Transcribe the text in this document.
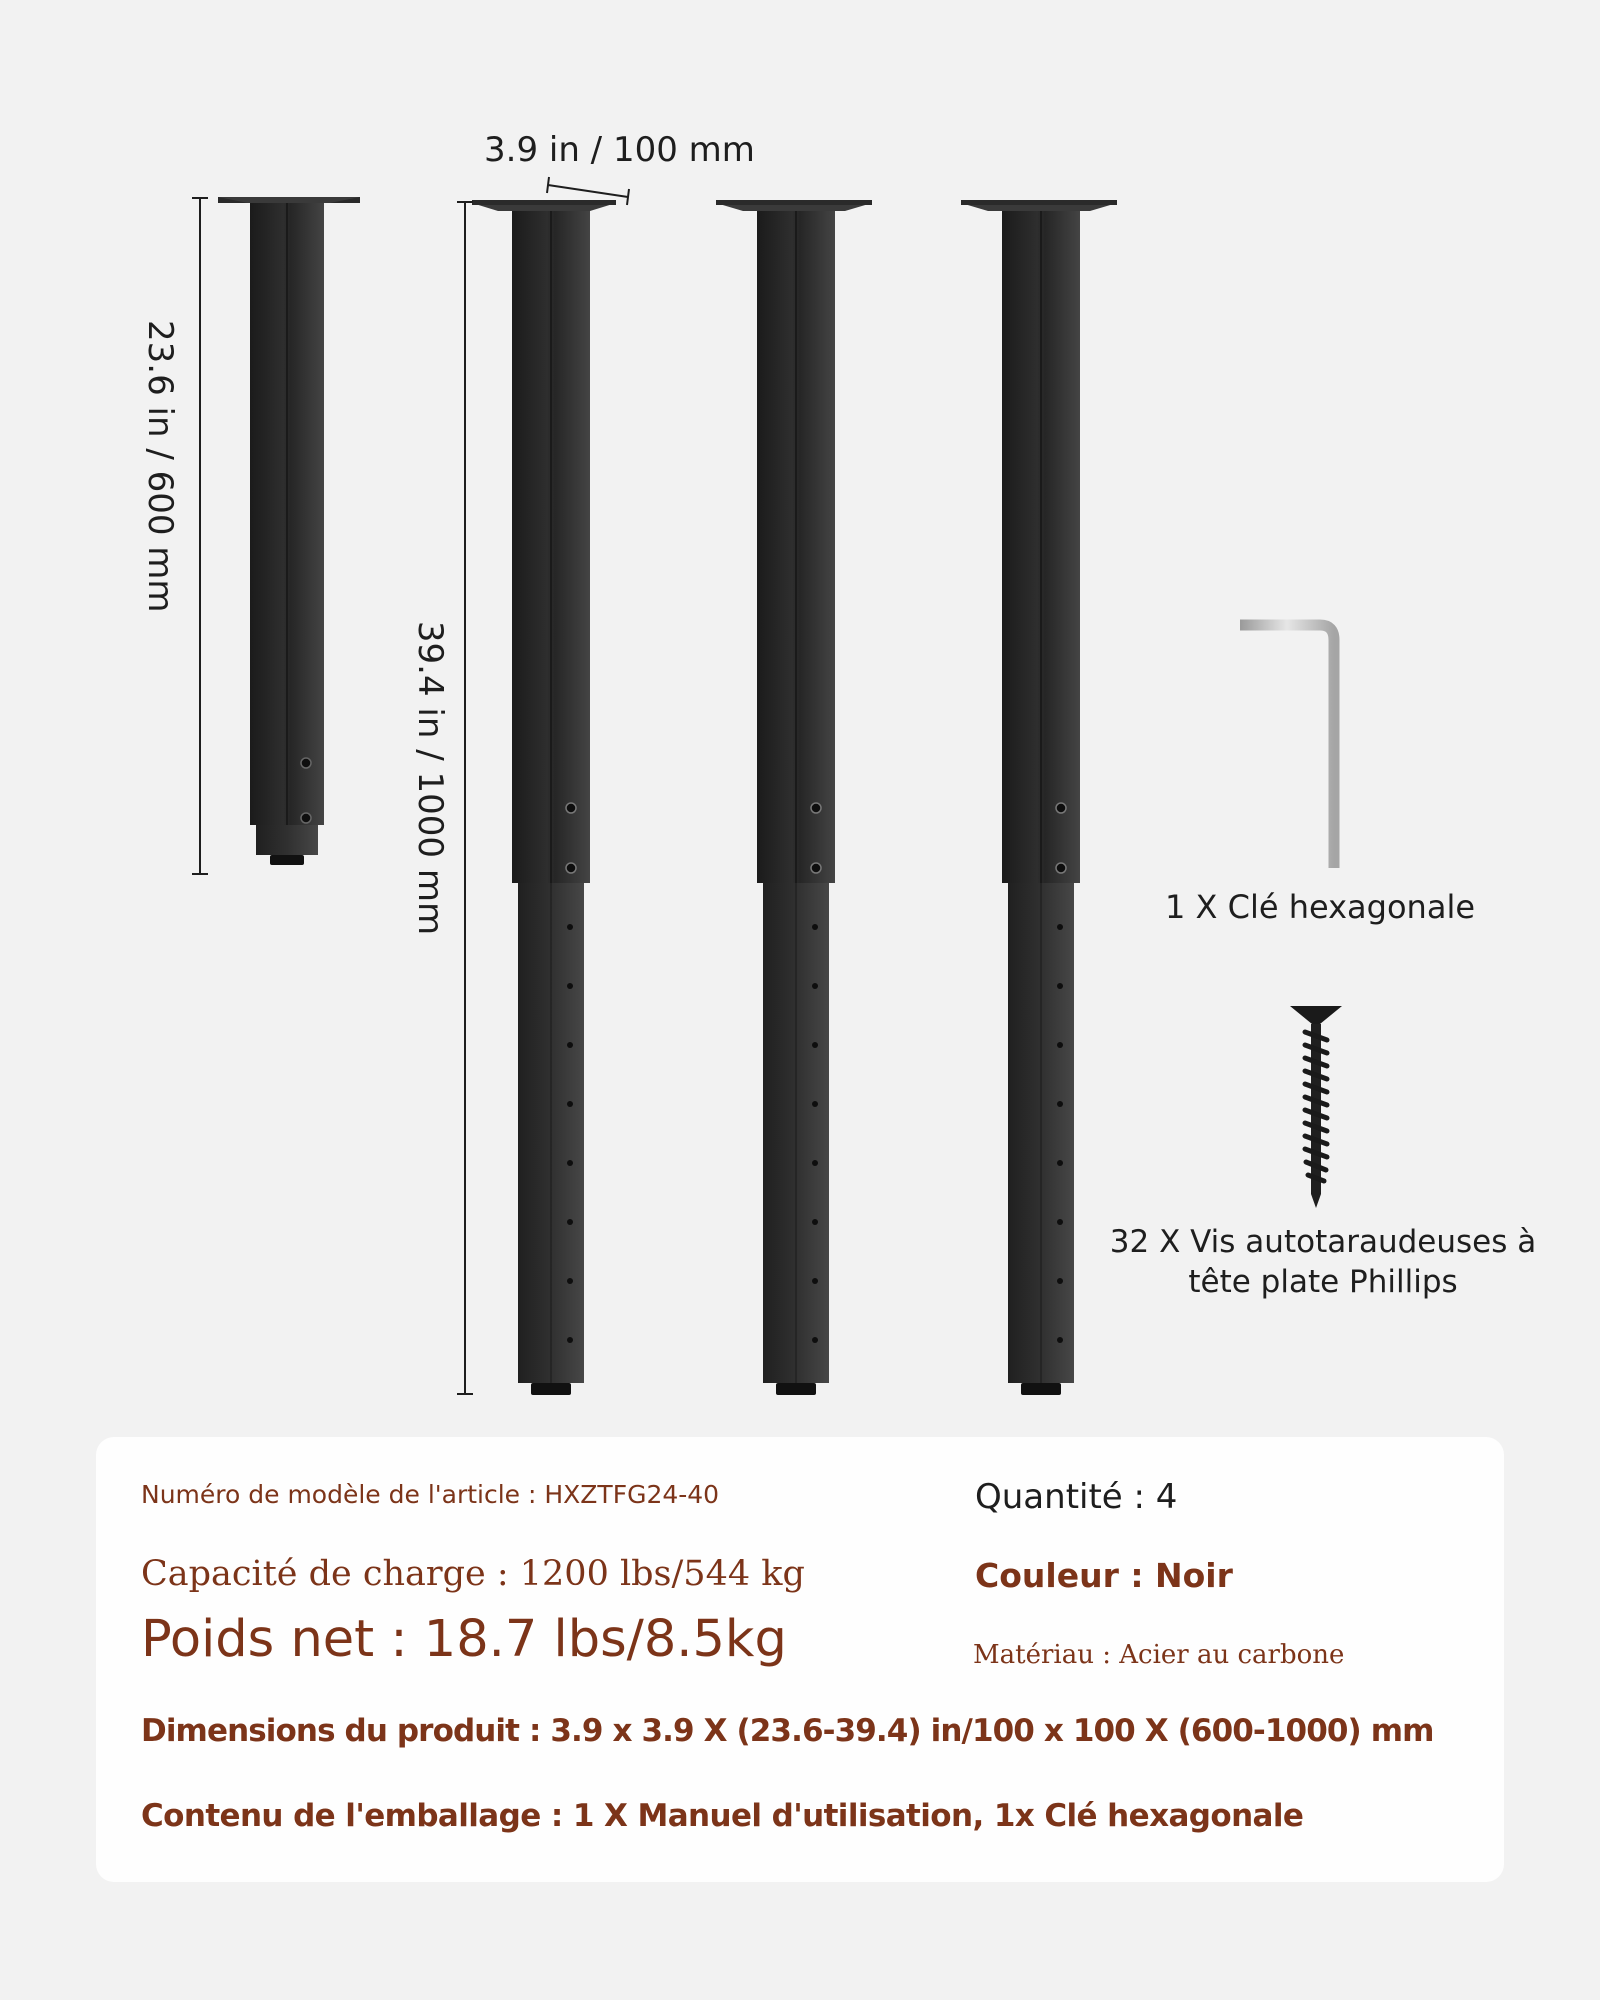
3.9 in / 100 mm
23.6 in / 600 mm
39.4 in / 1000 mm	1 X Clé hexagonale
32 X Vis autotaraudeuses à
tête plate Phillips
Numéro de modèle de l'article : HXZTFG24-40	Quantité : 4
Capacité de charge : 1200 lbs/544 kg	Couleur : Noir
Poids net : 18.7 lbs/8.5kg	Matériau : Acier au carbone
Dimensions du produit : 3.9 x 3.9 X (23.6-39.4) in/100 x 100 X (600-1000) mm
Contenu de l'emballage : 1 X Manuel d'utilisation, 1x Clé hexagonale
